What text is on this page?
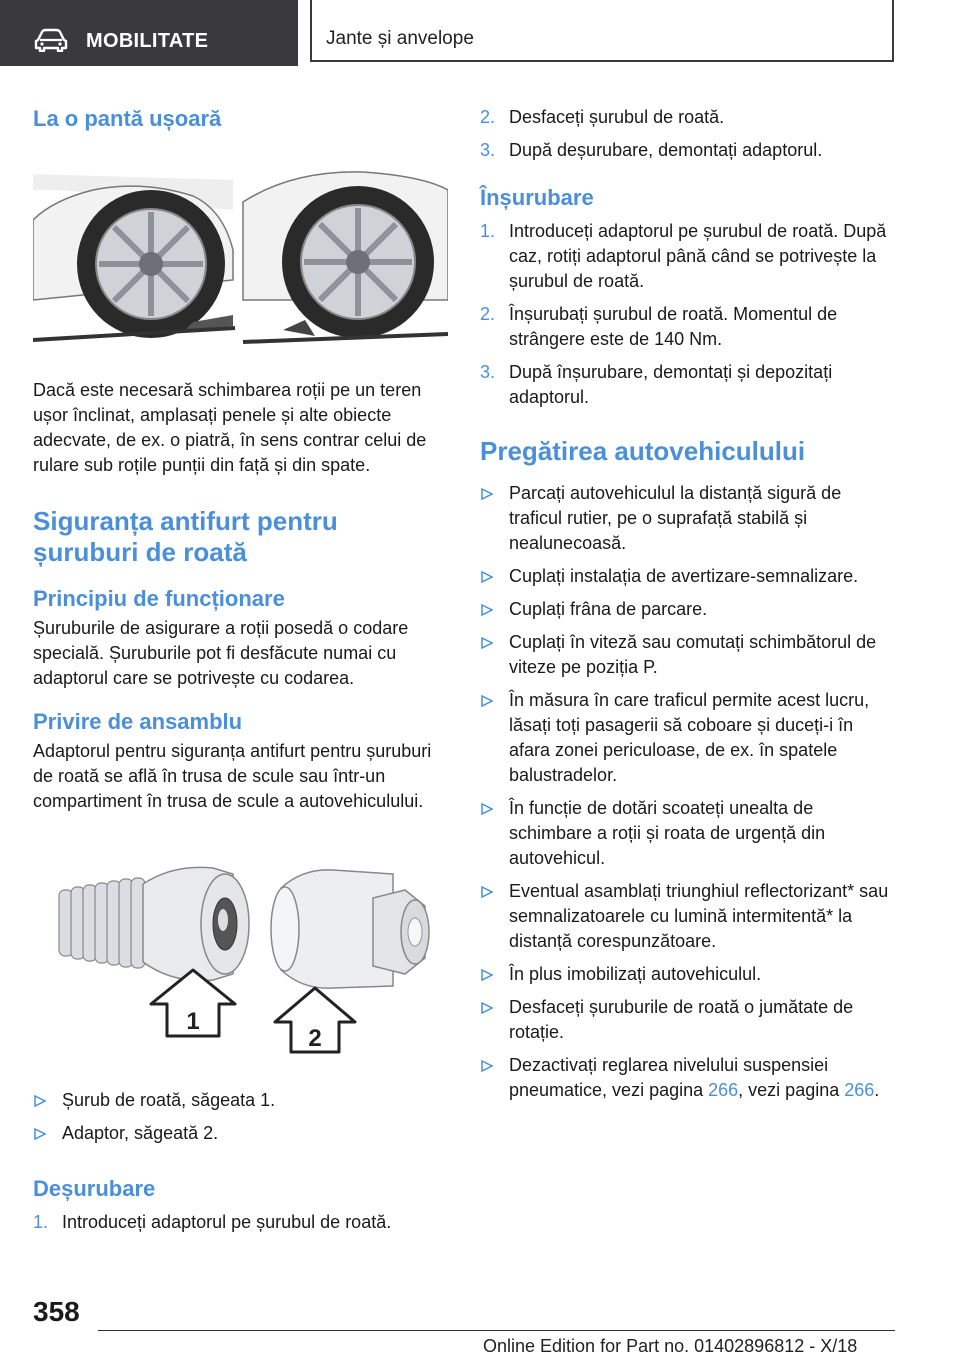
MOBILITATE	Jante și anvelope
La o pantă ușoară

Dacă este necesară schimbarea roții pe un teren ușor înclinat, amplasați penele și alte obiecte adecvate, de ex. o piatră, în sens contrar celui de rulare sub roțile punții din față și din spate.

Siguranța antifurt pentru șuruburi de roată
Principiu de funcționare

Șuruburile de asigurare a roții posedă o codare specială. Șuruburile pot fi desfăcute numai cu adaptorul care se potrivește cu codarea.

Privire de ansamblu

Adaptorul pentru siguranța antifurt pentru șuruburi de roată se află în trusa de scule sau într-un compartiment în trusa de scule a autovehiculului.

1
2
Șurub de roată, săgeata 1.
Adaptor, săgeată 2.
Deșurubare
1. Introduceți adaptorul pe șurubul de roată.
2. Desfaceți șurubul de roată.
3. După deșurubare, demontați adaptorul.
Înșurubare
1. Introduceți adaptorul pe șurubul de roată. După caz, rotiți adaptorul până când se potrivește la șurubul de roată.
2. Înșurubați șurubul de roată. Momentul de strângere este de 140 Nm.
3. După înșurubare, demontați și depozitați adaptorul.
Pregătirea autovehiculului
Parcați autovehiculul la distanță sigură de traficul rutier, pe o suprafață stabilă și nealunecoasă.
Cuplați instalația de avertizare-semnalizare.
Cuplați frâna de parcare.
Cuplați în viteză sau comutați schimbătorul de viteze pe poziția P.
În măsura în care traficul permite acest lucru, lăsați toți pasagerii să coboare și duceți-i în afara zonei periculoase, de ex. în spatele balustradelor.
În funcție de dotări scoateți unealta de schimbare a roții și roata de urgență din autovehicul.
Eventual asamblați triunghiul reflectorizant* sau semnalizatoarele cu lumină intermitentă* la distanță corespunzătoare.
În plus imobilizați autovehiculul.
Desfaceți șuruburile de roată o jumătate de rotație.
Dezactivați reglarea nivelului suspensiei pneumatice, vezi pagina 266, vezi pagina 266.
358
Online Edition for Part no. 01402896812 - X/18
